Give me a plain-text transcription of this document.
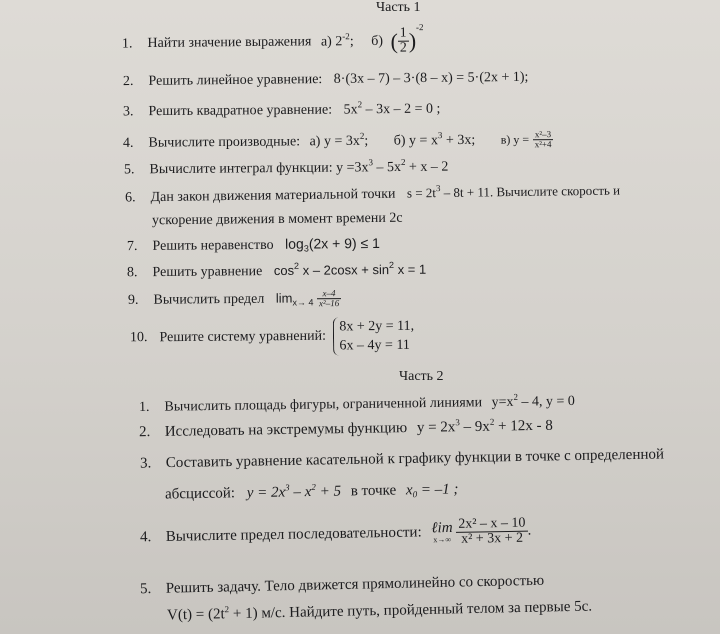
Часть 1
1. Найти значение выражения а) $2^{-2}$; б) ( $\frac{1}{2} )^{-2}$
2. Решить линейное уравнение: 8·(3x – 7) – 3·(8 – x) = 5·(2x + 1);
3. Решить квадратное уравнение: $5x^2 - 3x - 2 = 0$ ;
4. Вычислите производные: а) $y = 3x^2$; б) $y = x^3 + 3x$; в) $y = \frac{\text{x²–3}}{\text{x²+4}}$
5. Вычислите интеграл функции: $y =3x^3 - 5x^2 + x - 2$
6. Дан закон движения материальной точки $s = 2t^3 - 8t + 11$. Вычислите скорость и
ускорение движения в момент времени 2с
7. Решить неравенство $\log_3(2x + 9) \le 1$
8. Решить уравнение $\cos^2 x - 2\cos x + \sin^2 x = 1$
9. Вычислить предел $\lim_{x\to 4} \frac{x-4}{\text{x²–16}}$
10. Решите систему уравнений:
8x + 2y = 11,
6x – 4y = 11
Часть 2
1. Вычислить площадь фигуры, ограниченной линиями $y=x^2 - 4$, y = 0
2. Исследовать на экстремумы функцию $y = 2x^3 - 9x^2 + 12x - 8$
3. Составить уравнение касательной к графику функции в точке с определенной
абсциссой: $y = 2x^3 - x^2 + 5$ в точке $x_0 = -1$ ;
4. Вычислите предел последовательности: ℓim
x→∞
$\frac{\text{2x² – x – 10}}{\text{x² + 3x + 2}}$ .
5. Решить задачу. Тело движется прямолинейно со скоростью
$V(t) = (2t^2 + 1)$ м/с. Найдите путь, пройденный телом за первые 5с.
